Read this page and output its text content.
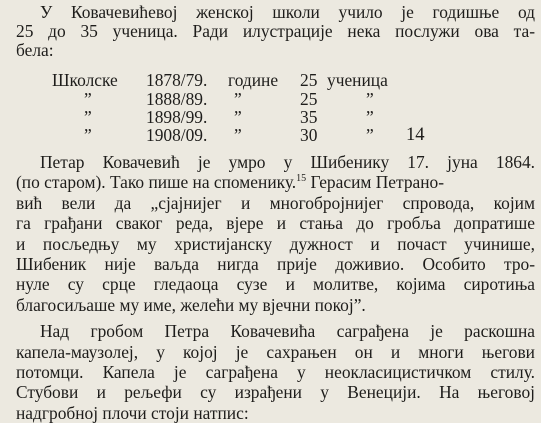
У Ковачевићевој женској школи учило је годишње од
25 до 35 ученица. Ради илустрације нека послужи ова та-
бела:
Школске 1878/79. године 25 ученица
”	1888/89. ”	25	”
”	1898/99. ”	35	”
”	1908/09. ”	30	” 14
Петар Ковачевић је умро у Шибенику 17. јуна 1864.
(по старом). Тако пише на споменику.$^{15}$ Герасим Петрано-
вић вели да „сјајнијег и многобројнијег спровода, којим
га грађани сваког реда, вјере и стања до гробља допратише
и посљедњу му христијанску дужност и почаст учинише,
Шибеник није ваљда нигда прије доживио. Особито тро-
нуле су срце гледаоца сузе и молитве, којима сиротиња
благосиљаше му име, желећи му вјечни покој”.
Над гробом Петра Ковачевића саграђена је раскошна
капела-маузолеј, у којој је сахрањен он и многи његови
потомци. Капела је саграђена у неокласицистичком стилу.
Стубови и рељефи су израђени у Венецији. На његовој
надгробној плочи стоји натпис:
